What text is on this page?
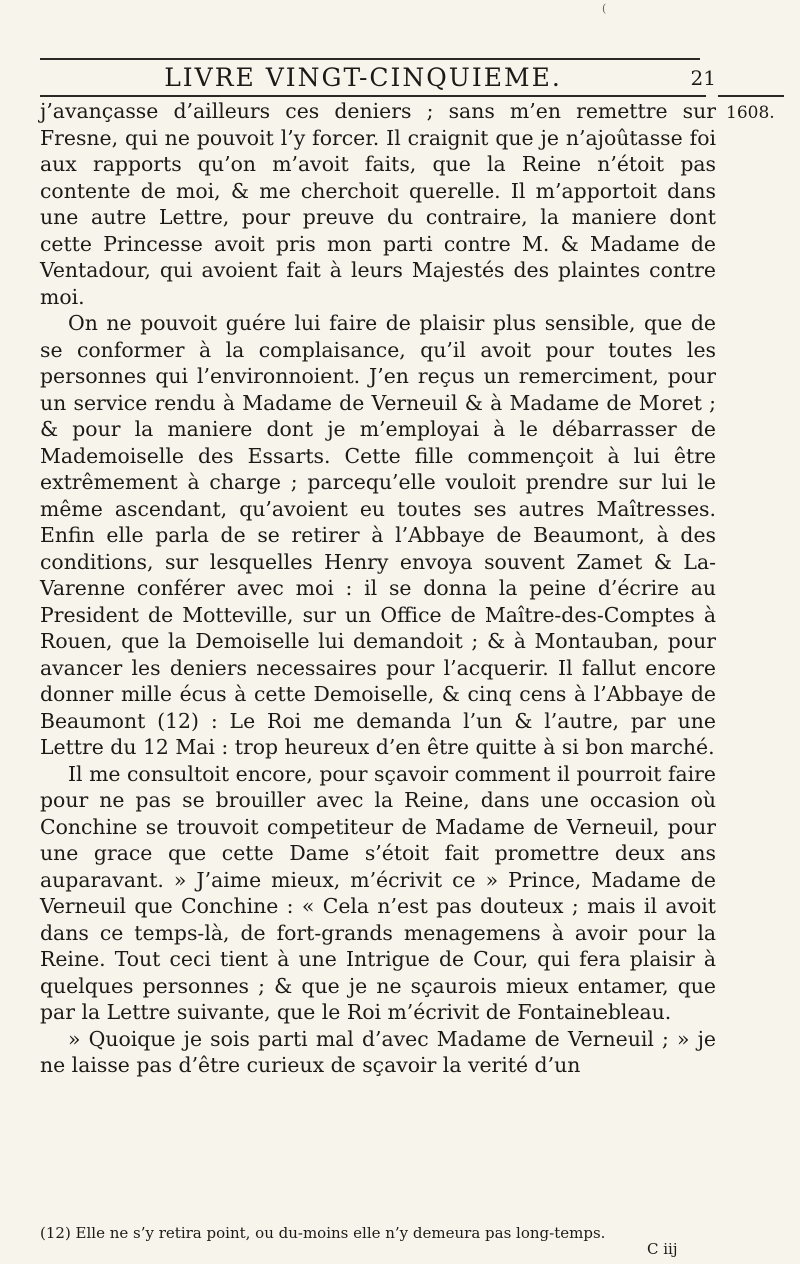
(
LIVRE VINGT-CINQUIEME.	21
1608.

j’avançasse d’ailleurs ces deniers ; sans m’en remettre sur Fresne, qui ne pouvoit l’y forcer. Il craignit que je n’ajoûtasse foi aux rapports qu’on m’avoit faits, que la Reine n’étoit pas contente de moi, & me cherchoit querelle. Il m’apportoit dans une autre Lettre, pour preuve du contraire, la maniere dont cette Princesse avoit pris mon parti contre M. & Madame de Ventadour, qui avoient fait à leurs Majestés des plaintes contre moi.

On ne pouvoit guére lui faire de plaisir plus sensible, que de se conformer à la complaisance, qu’il avoit pour toutes les personnes qui l’environnoient. J’en reçus un remerciment, pour un service rendu à Madame de Verneuil & à Madame de Moret ; & pour la maniere dont je m’employai à le débarrasser de Mademoiselle des Essarts. Cette fille commençoit à lui être extrêmement à charge ; parcequ’elle vouloit prendre sur lui le même ascendant, qu’avoient eu toutes ses autres Maîtresses. Enfin elle parla de se retirer à l’Abbaye de Beaumont, à des conditions, sur lesquelles Henry envoya souvent Zamet & La-Varenne conférer avec moi : il se donna la peine d’écrire au President de Motteville, sur un Office de Maître-des-Comptes à Rouen, que la Demoiselle lui demandoit ; & à Montauban, pour avancer les deniers necessaires pour l’acquerir. Il fallut encore donner mille écus à cette Demoiselle, & cinq cens à l’Abbaye de Beaumont (12) : Le Roi me demanda l’un & l’autre, par une Lettre du 12 Mai : trop heureux d’en être quitte à si bon marché.

Il me consultoit encore, pour sçavoir comment il pourroit faire pour ne pas se brouiller avec la Reine, dans une occasion où Conchine se trouvoit competiteur de Madame de Verneuil, pour une grace que cette Dame s’étoit fait promettre deux ans auparavant. » J’aime mieux, m’écrivit ce » Prince, Madame de Verneuil que Conchine : « Cela n’est pas douteux ; mais il avoit dans ce temps-là, de fort-grands menagemens à avoir pour la Reine. Tout ceci tient à une Intrigue de Cour, qui fera plaisir à quelques personnes ; & que je ne sçaurois mieux entamer, que par la Lettre suivante, que le Roi m’écrivit de Fontainebleau.

» Quoique je sois parti mal d’avec Madame de Verneuil ; » je ne laisse pas d’être curieux de sçavoir la verité d’un

(12) Elle ne s’y retira point, ou du-moins elle n’y demeura pas long-temps.
C iij
